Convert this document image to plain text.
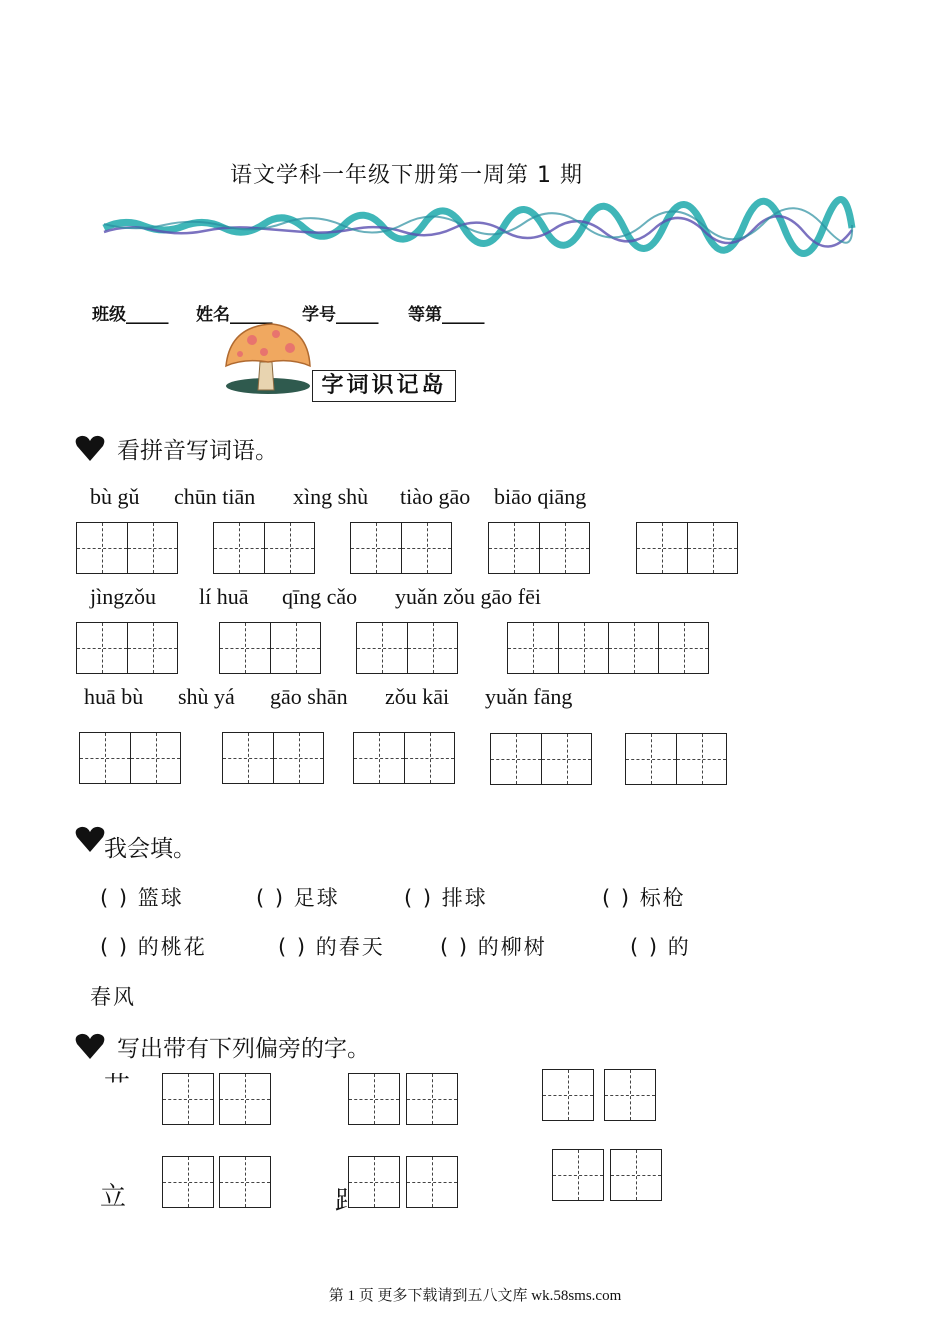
语文学科一年级下册第一周第 1 期
班级_____ 姓名_____ 学号_____ 等第_____
字词识记岛
看拼音写词语。
bù gǔ chūn tiān xìng shù tiào gāo biāo qiāng
jìngzǒu lí huā qīng cǎo yuǎn zǒu gāo fēi
huā bù shù yá gāo shān zǒu kāi yuǎn fāng
我会填。
( ) 篮球	( ) 足球	( ) 排球	( ) 标枪
( ) 的桃花	( ) 的春天	( ) 的柳树	( ) 的
春风
写出带有下列偏旁的字。
艹
立	⻊
第 1 页 更多下载请到五八文库 wk.58sms.com
